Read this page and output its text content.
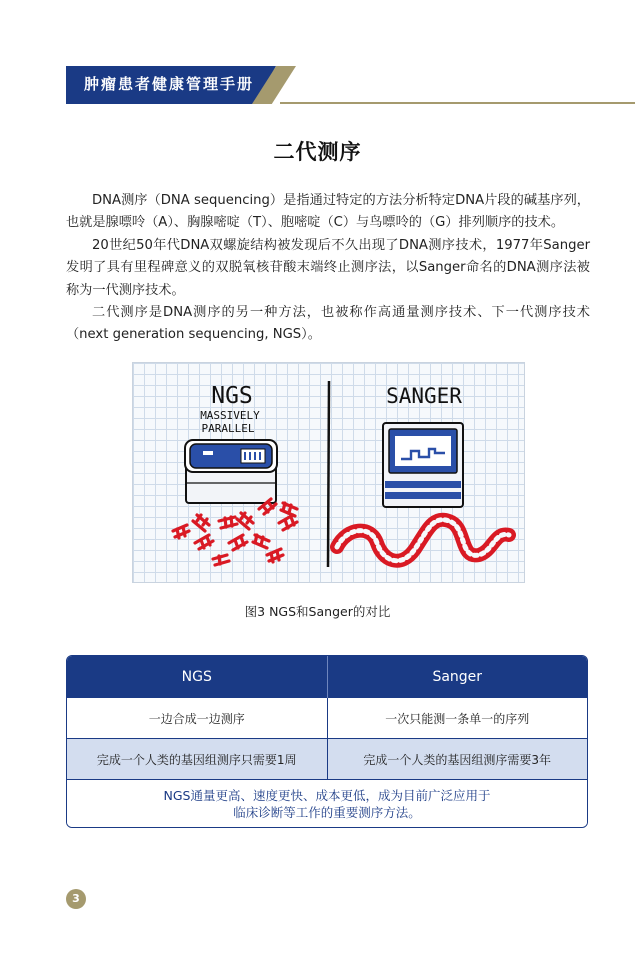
肿瘤患者健康管理手册
二代测序

DNA测序（DNA sequencing）是指通过特定的方法分析特定DNA片段的碱基序列，也就是腺嘌呤（A）、胸腺嘧啶（T）、胞嘧啶（C）与鸟嘌呤的（G）排列顺序的技术。

20世纪50年代DNA双螺旋结构被发现后不久出现了DNA测序技术，1977年Sanger发明了具有里程碑意义的双脱氧核苷酸末端终止测序法，以Sanger命名的DNA测序法被称为一代测序技术。

二代测序是DNA测序的另一种方法，也被称作高通量测序技术、下一代测序技术（next generation sequencing, NGS）。

NGS
MASSIVELY
PARALLEL
SANGER
图3 NGS和Sanger的对比
NGS	Sanger
一边合成一边测序	一次只能测一条单一的序列
完成一个人类的基因组测序只需要1周	完成一个人类的基因组测序需要3年
NGS通量更高、速度更快、成本更低，成为目前广泛应用于
临床诊断等工作的重要测序方法。
3
